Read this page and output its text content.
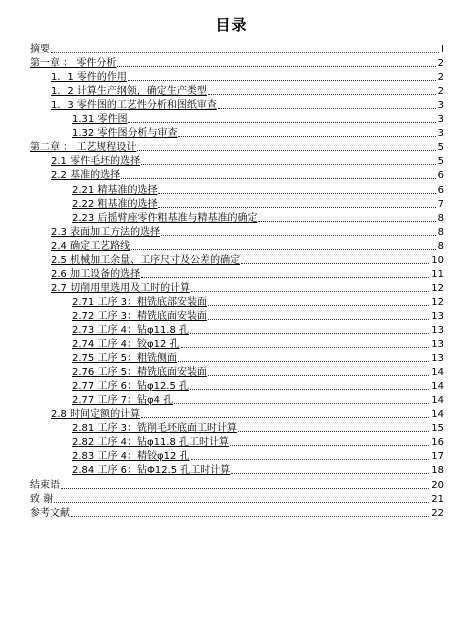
目录
摘要	I
第一章 ： 零件分析	2
1．1 零件的作用	2
1．2 计算生产纲领，确定生产类型	2
1．3 零件图的工艺性分析和图纸审查	3
1.31 零件图	3
1.32 零件图分析与审查	3
第二章 ： 工艺规程设计	5
2.1 零件毛坯的选择	5
2.2 基准的选择	6
2.21 精基准的选择	6
2.22 粗基准的选择	7
2.23 后摇臂座零件粗基准与精基准的确定	8
2.3 表面加工方法的选择	8
2.4 确定工艺路线	8
2.5 机械加工余量、工序尺寸及公差的确定	10
2.6 加工设备的选择	11
2.7 切削用里选用及工时的计算	12
2.71 工序 3：粗铣底部安装面	12
2.72 工序 3：精铣底面安装面	13
2.73 工序 4：钻φ11.8 孔	13
2.74 工序 4：铰φ12 孔	13
2.75 工序 5：粗铣侧面	13
2.76 工序 5：精铣底面安装面	14
2.77 工序 6：钻φ12.5 孔	14
2.77 工序 7：钻φ4 孔	14
2.8 时间定额的计算	14
2.81 工序 3：铣削毛坯底面工时计算	15
2.82 工序 4：钻φ11.8 孔工时计算	16
2.83 工序 4：精铰φ12 孔	17
2.84 工序 6：钻Φ12.5 孔工时计算	18
结束语	20
致 谢	21
参考文献	22
